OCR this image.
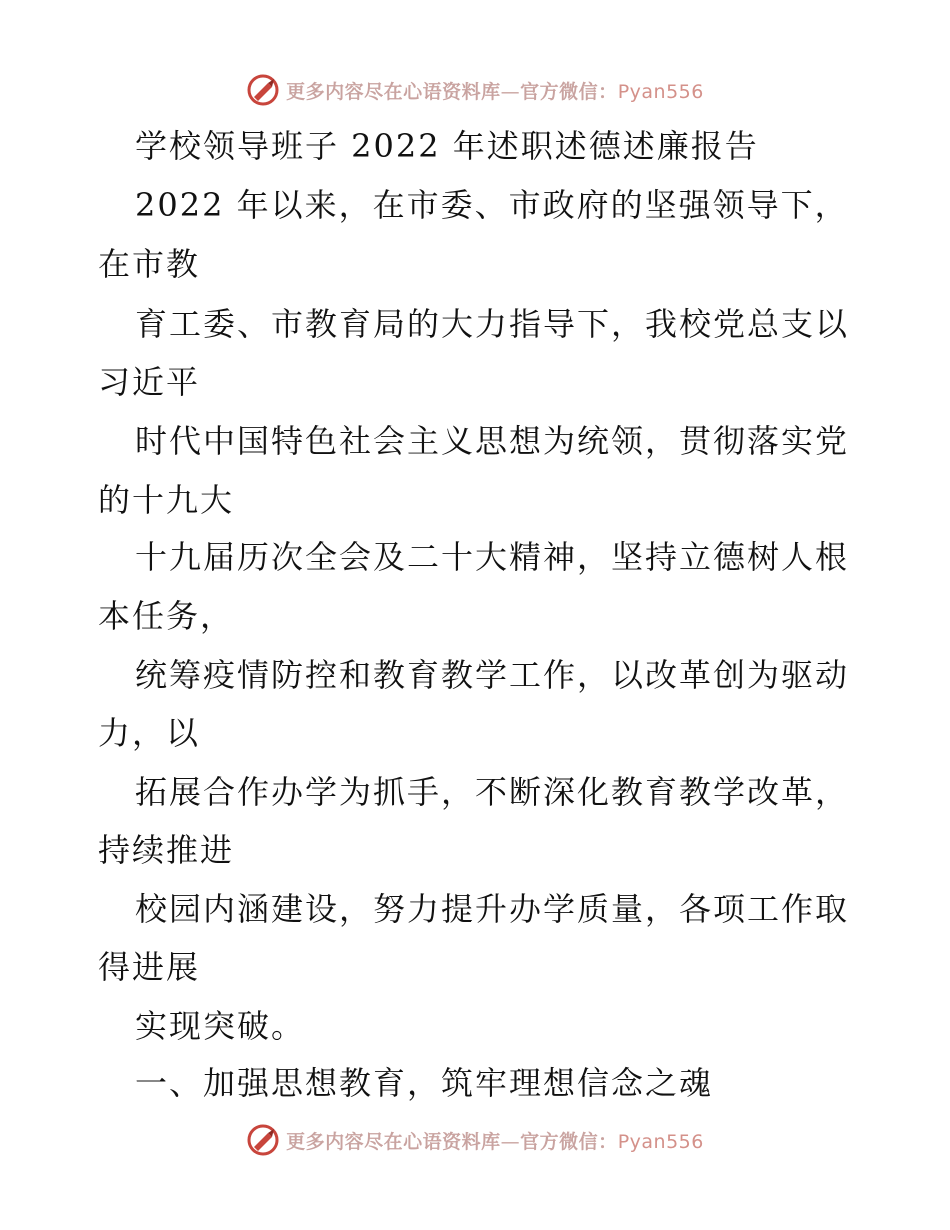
更多内容尽在心语资料库—官方微信：Pyan556
学校领导班子 2022 年述职述德述廉报告
2022 年以来，在市委、市政府的坚强领导下，
在市教
育工委、市教育局的大力指导下，我校党总支以
习近平
时代中国特色社会主义思想为统领，贯彻落实党
的十九大
十九届历次全会及二十大精神，坚持立德树人根
本任务，
统筹疫情防控和教育教学工作，以改革创为驱动
力，以
拓展合作办学为抓手，不断深化教育教学改革，
持续推进
校园内涵建设，努力提升办学质量，各项工作取
得进展
实现突破。
一、加强思想教育，筑牢理想信念之魂
更多内容尽在心语资料库—官方微信：Pyan556
